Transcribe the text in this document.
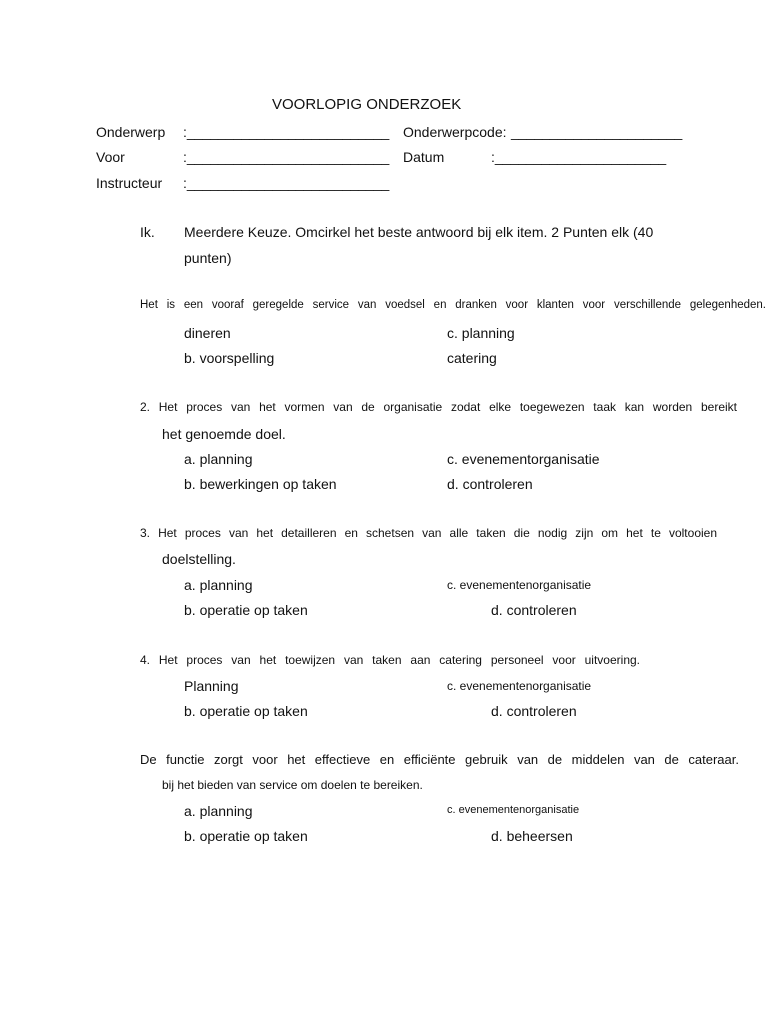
VOORLOPIG ONDERZOEK
Onderwerp :__________________________ Onderwerpcode: ______________________
Voor	:__________________________ Datum	:______________________
Instructeur :__________________________
Ik. Meerdere Keuze. Omcirkel het beste antwoord bij elk item. 2 Punten elk (40
punten)
Het is een vooraf geregelde service van voedsel en dranken voor klanten voor verschillende gelegenheden.
dineren	c. planning
b. voorspelling	catering
2. Het proces van het vormen van de organisatie zodat elke toegewezen taak kan worden bereikt
het genoemde doel.
a. planning	c. evenementorganisatie
b. bewerkingen op taken	d. controleren
3. Het proces van het detailleren en schetsen van alle taken die nodig zijn om het te voltooien
doelstelling.
a. planning	c. evenementenorganisatie
b. operatie op taken	d. controleren
4. Het proces van het toewijzen van taken aan catering personeel voor uitvoering.
Planning	c. evenementenorganisatie
b. operatie op taken	d. controleren
De functie zorgt voor het effectieve en efficiënte gebruik van de middelen van de cateraar.
bij het bieden van service om doelen te bereiken.
a. planning	c. evenementenorganisatie
b. operatie op taken	d. beheersen
